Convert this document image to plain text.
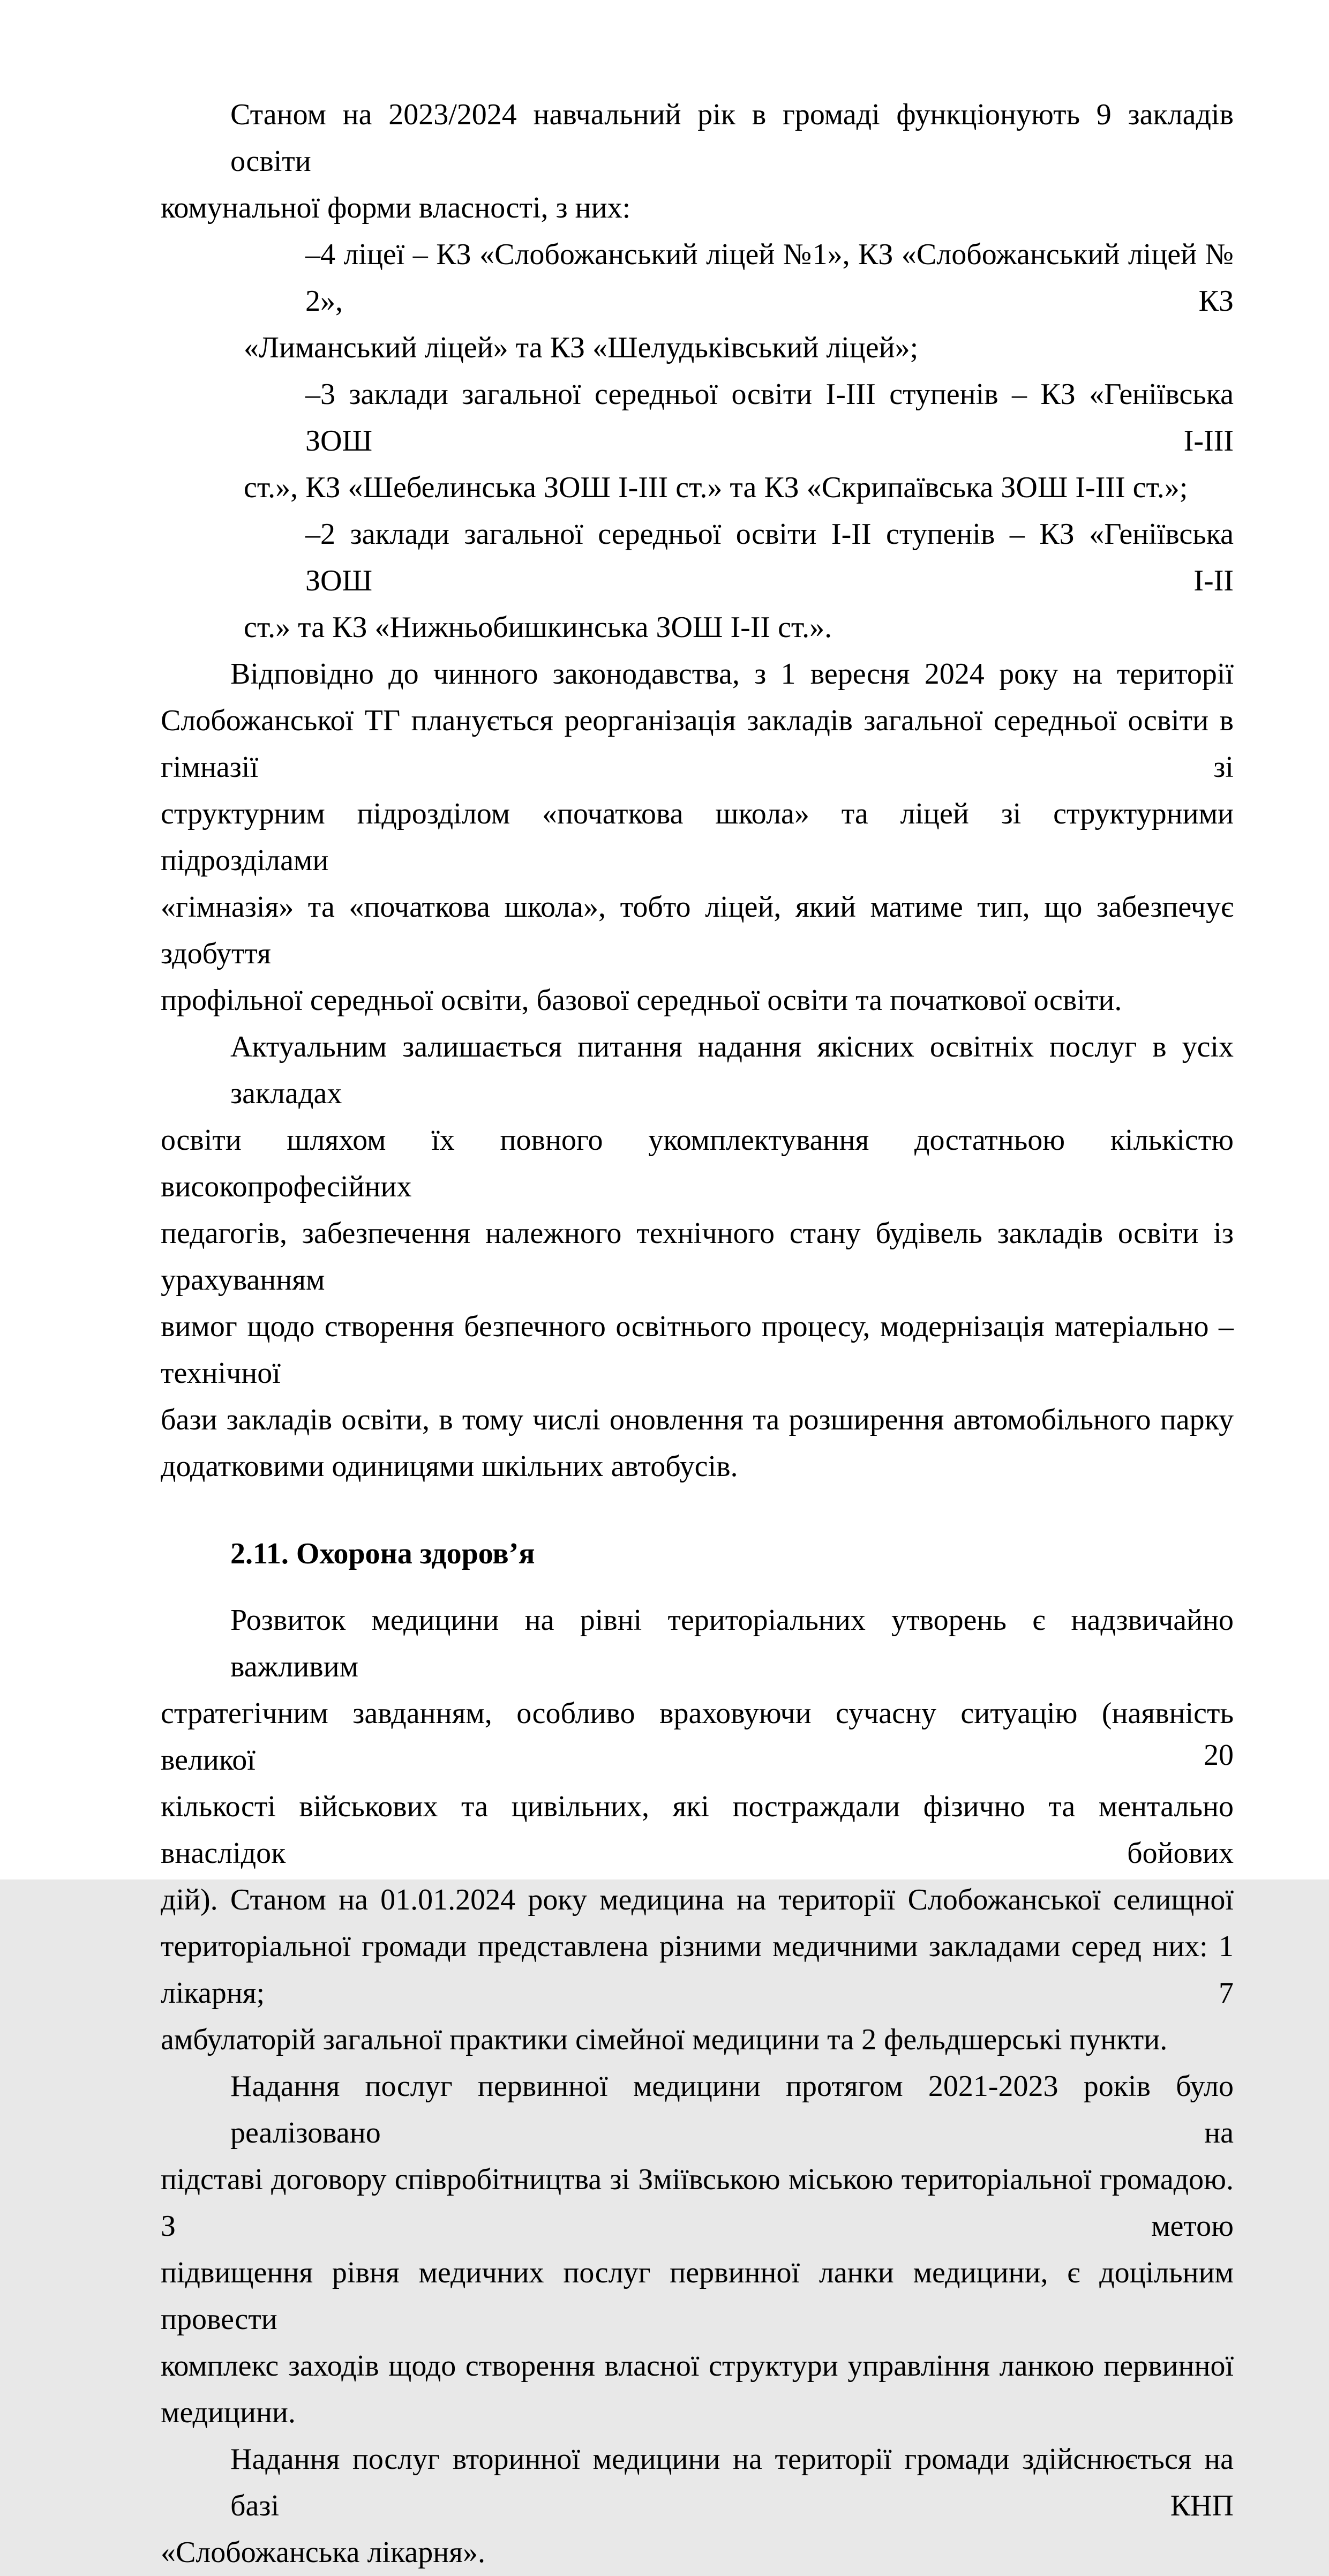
Станом на 2023/2024 навчальний рік в громаді функціонують 9 закладів освіти
комунальної форми власності, з них:
–4 ліцеї – КЗ «Слобожанський ліцей №1», КЗ «Слобожанський ліцей № 2», КЗ
«Лиманський ліцей» та КЗ «Шелудьківський ліцей»;
–3 заклади загальної середньої освіти І-ІІІ ступенів – КЗ «Геніївська ЗОШ І-ІІІ
ст.», КЗ «Шебелинська ЗОШ І-ІІІ ст.» та КЗ «Скрипаївська ЗОШ І-ІІІ ст.»;
–2 заклади загальної середньої освіти І-ІІ ступенів – КЗ «Геніївська ЗОШ І-ІІ
ст.» та КЗ «Нижньобишкинська ЗОШ І-ІІ ст.».
Відповідно до чинного законодавства, з 1 вересня 2024 року на території
Слобожанської ТГ планується реорганізація закладів загальної середньої освіти в гімназії зі
структурним підрозділом «початкова школа» та ліцей зі структурними підрозділами
«гімназія» та «початкова школа», тобто ліцей, який матиме тип, що забезпечує здобуття
профільної середньої освіти, базової середньої освіти та початкової освіти.
Актуальним залишається питання надання якісних освітніх послуг в усіх закладах
освіти шляхом їх повного укомплектування достатньою кількістю високопрофесійних
педагогів, забезпечення належного технічного стану будівель закладів освіти із урахуванням
вимог щодо створення безпечного освітнього процесу, модернізація матеріально – технічної
бази закладів освіти, в тому числі оновлення та розширення автомобільного парку
додатковими одиницями шкільних автобусів.
2.11. Охорона здоровʼя
Розвиток медицини на рівні територіальних утворень є надзвичайно важливим
стратегічним завданням, особливо враховуючи сучасну ситуацію (наявність великої
кількості військових та цивільних, які постраждали фізично та ментально внаслідок бойових
дій). Станом на 01.01.2024 року медицина на території Слобожанської селищної
територіальної громади представлена різними медичними закладами серед них: 1 лікарня; 7
амбулаторій загальної практики сімейної медицини та 2 фельдшерські пункти.
Надання послуг первинної медицини протягом 2021-2023 років було реалізовано на
підставі договору співробітництва зі Зміївською міською територіальної громадою. З метою
підвищення рівня медичних послуг первинної ланки медицини, є доцільним провести
комплекс заходів щодо створення власної структури управління ланкою первинної
медицини.
Надання послуг вторинної медицини на території громади здійснюється на базі КНП
«Слобожанська лікарня».
20
